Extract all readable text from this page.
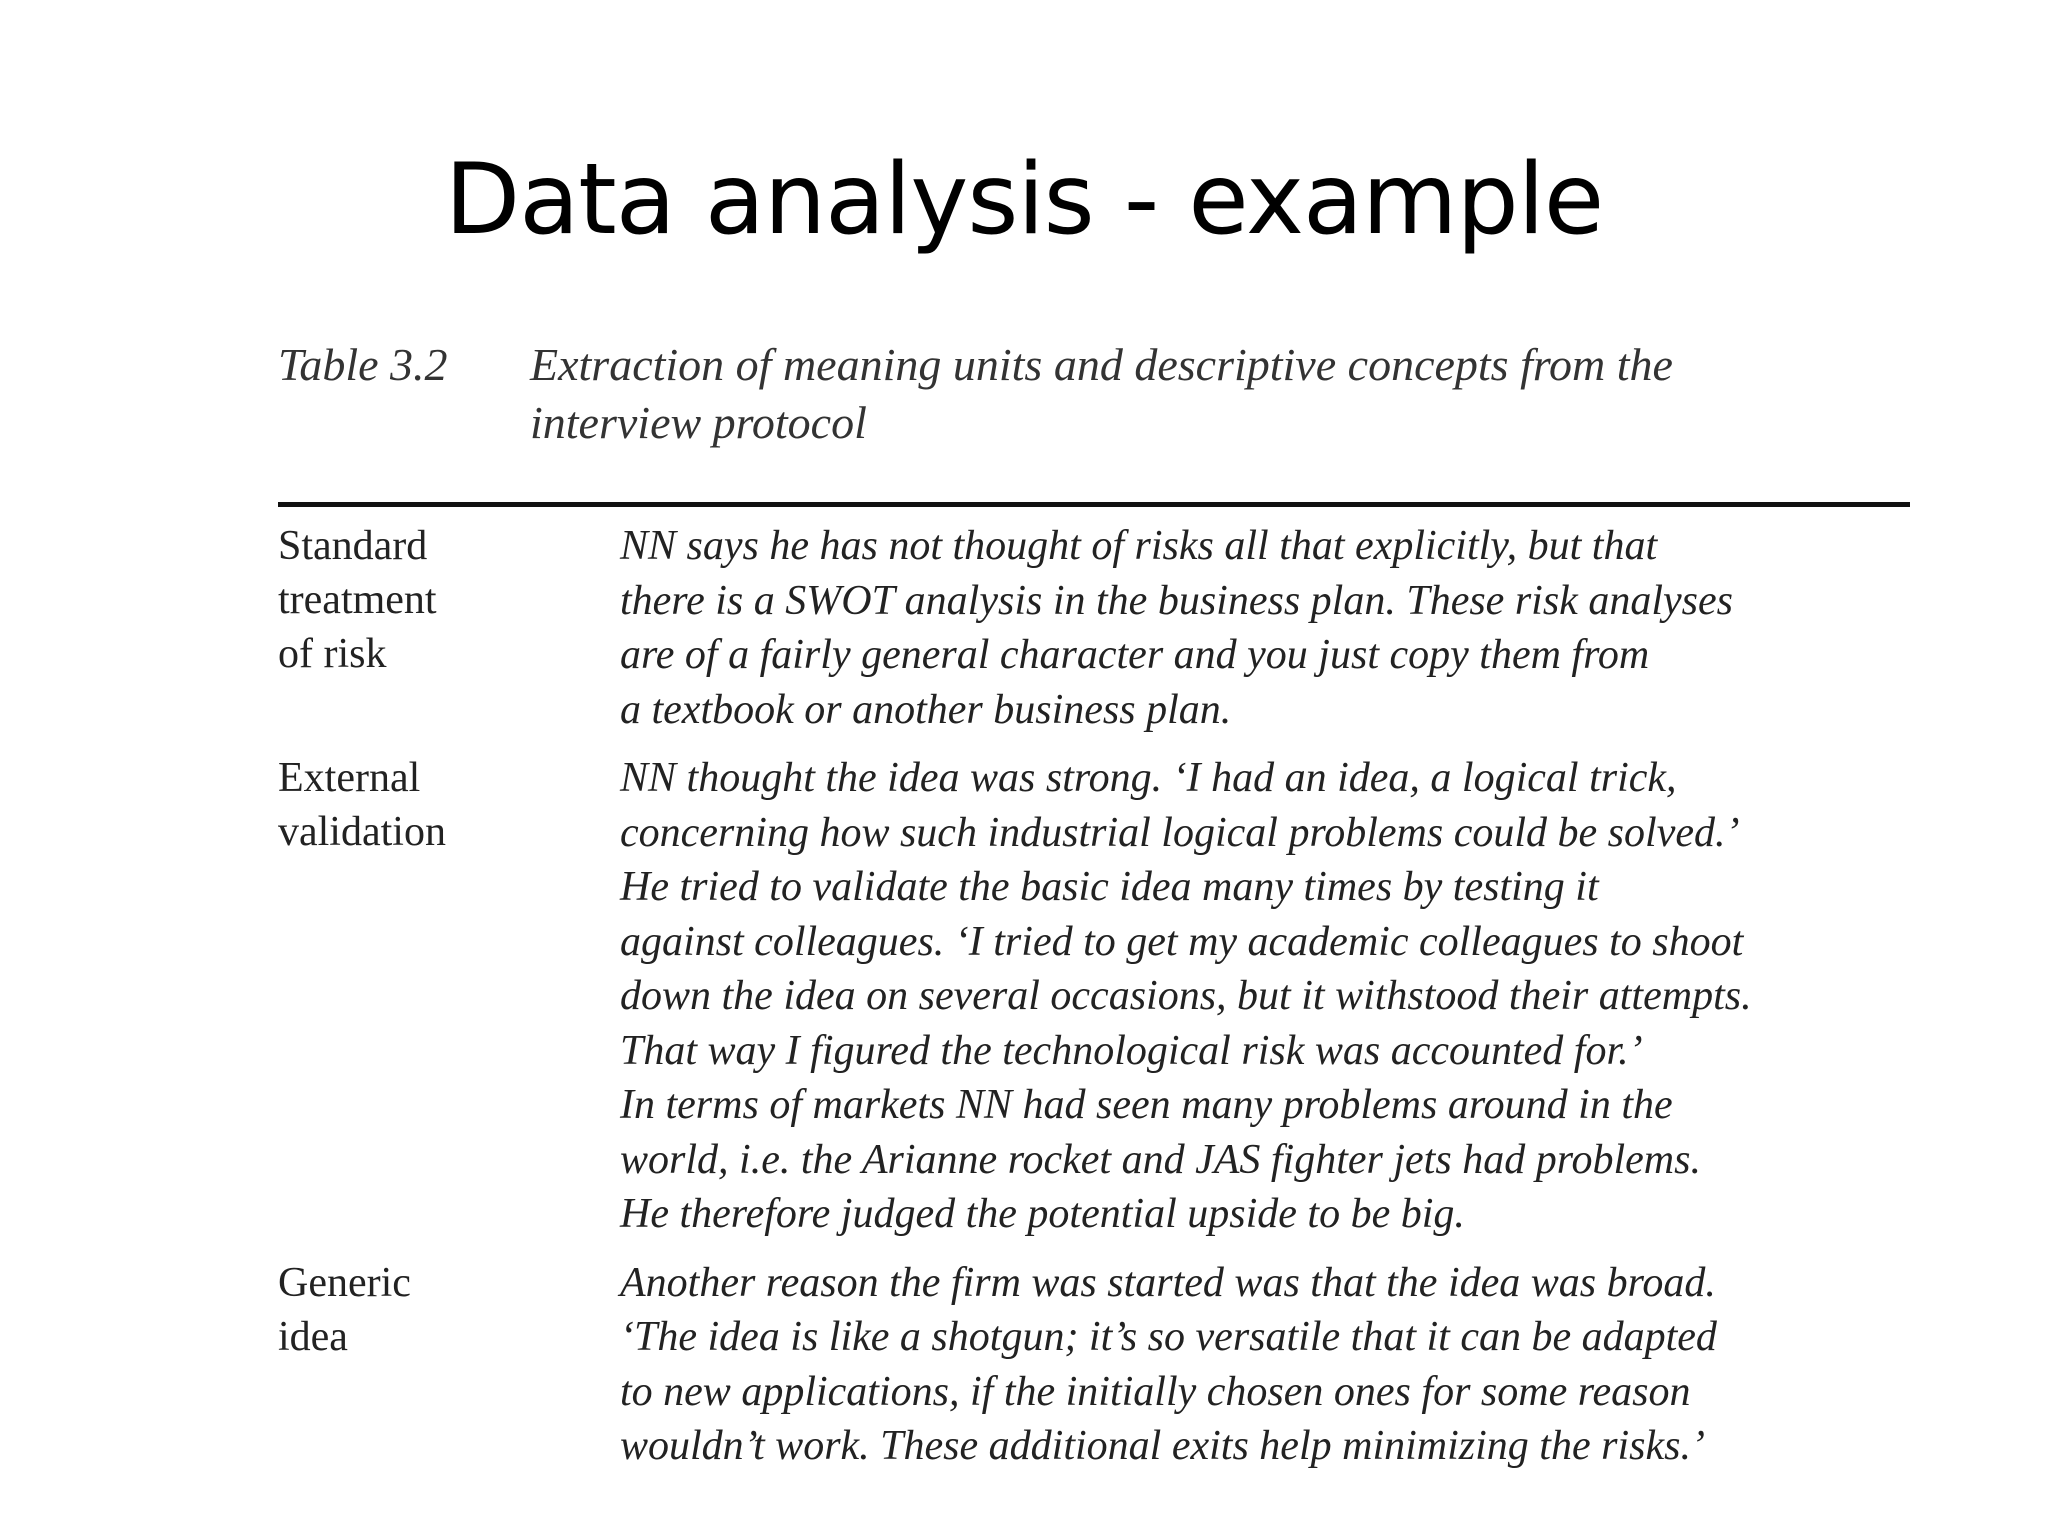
Data analysis - example
Table 3.2	Extraction of meaning units and descriptive concepts from the
interview protocol
Standard
treatment
of risk
NN says he has not thought of risks all that explicitly, but that
there is a SWOT analysis in the business plan. These risk analyses
are of a fairly general character and you just copy them from
a textbook or another business plan.
External
validation
NN thought the idea was strong. ‘I had an idea, a logical trick,
concerning how such industrial logical problems could be solved.’
He tried to validate the basic idea many times by testing it
against colleagues. ‘I tried to get my academic colleagues to shoot
down the idea on several occasions, but it withstood their attempts.
That way I figured the technological risk was accounted for.’
In terms of markets NN had seen many problems around in the
world, i.e. the Arianne rocket and JAS fighter jets had problems.
He therefore judged the potential upside to be big.
Generic
idea
Another reason the firm was started was that the idea was broad.
‘The idea is like a shotgun; it’s so versatile that it can be adapted
to new applications, if the initially chosen ones for some reason
wouldn’t work. These additional exits help minimizing the risks.’
